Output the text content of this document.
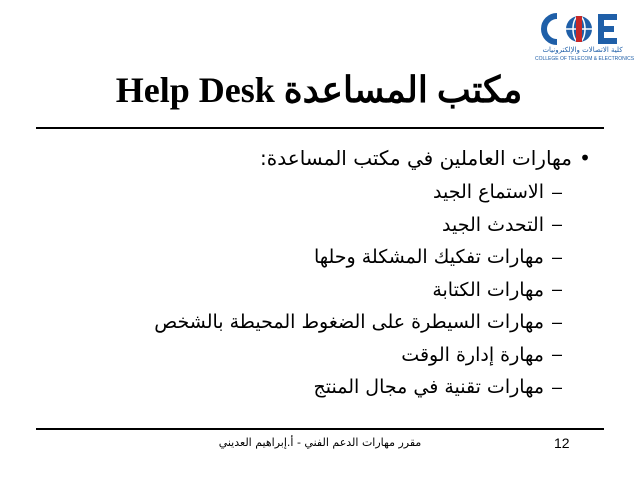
كلية الاتصالات والإلكترونيات
COLLEGE OF TELECOM & ELECTRONICS
Help Desk مكتب المساعدة
•
مهارات العاملين في مكتب المساعدة:
–
الاستماع الجيد
–
التحدث الجيد
–
مهارات تفكيك المشكلة وحلها
–
مهارات الكتابة
–
مهارات السيطرة على الضغوط المحيطة بالشخص
–
مهارة إدارة الوقت
–
مهارات تقنية في مجال المنتج
12
مقرر مهارات الدعم الفني - أ.إبراهيم العديني
